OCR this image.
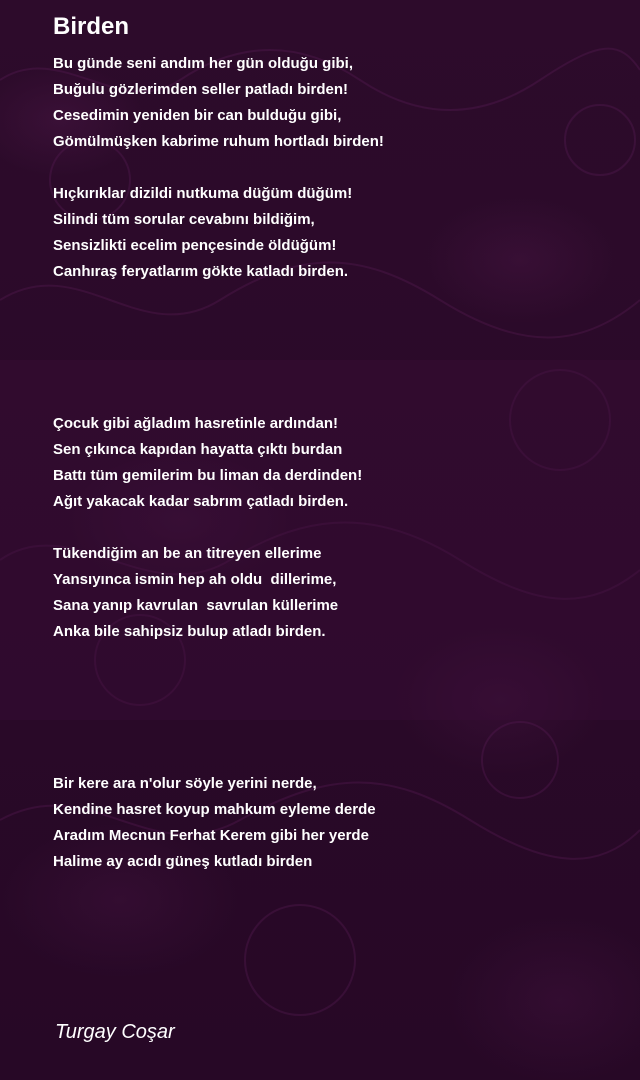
Birden
Bu günde seni andım her gün olduğu gibi,
Buğulu gözlerimden seller patladı birden!
Cesedimin yeniden bir can bulduğu gibi,
Gömülmüşken kabrime ruhum hortladı birden!
Hıçkırıklar dizildi nutkuma düğüm düğüm!
Silindi tüm sorular cevabını bildiğim,
Sensizlikti ecelim pençesinde öldüğüm!
Canhıraş feryatlarım gökte katladı birden.
Çocuk gibi ağladım hasretinle ardından!
Sen çıkınca kapıdan hayatta çıktı burdan
Battı tüm gemilerim bu liman da derdinden!
Ağıt yakacak kadar sabrım çatladı birden.
Tükendiğim an be an titreyen ellerime
Yansıyınca ismin hep ah oldu  dillerime,
Sana yanıp kavrulan  savrulan küllerime
Anka bile sahipsiz bulup atladı birden.
Bir kere ara n'olur söyle yerini nerde,
Kendine hasret koyup mahkum eyleme derde
Aradım Mecnun Ferhat Kerem gibi her yerde
Halime ay acıdı güneş kutladı birden
Turgay Coşar
